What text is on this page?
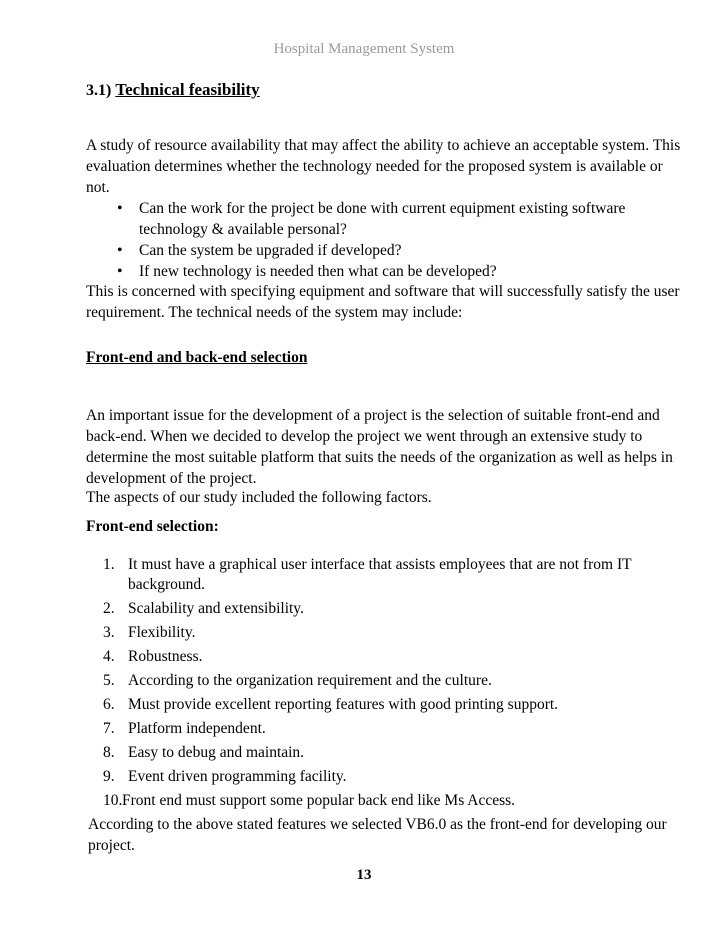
Hospital Management System

3.1) Technical feasibility

A study of resource availability that may affect the ability to achieve an acceptable system. This evaluation determines whether the technology needed for the proposed system is available or not.

• Can the work for the project be done with current equipment existing software technology & available personal?
• Can the system be upgraded if developed?
• If new technology is needed then what can be developed?

This is concerned with specifying equipment and software that will successfully satisfy the user requirement. The technical needs of the system may include:

Front-end and back-end selection

An important issue for the development of a project is the selection of suitable front-end and back-end. When we decided to develop the project we went through an extensive study to determine the most suitable platform that suits the needs of the organization as well as helps in development of the project.

The aspects of our study included the following factors.

Front-end selection:

1. It must have a graphical user interface that assists employees that are not from IT background.
2. Scalability and extensibility.
3. Flexibility.
4. Robustness.
5. According to the organization requirement and the culture.
6. Must provide excellent reporting features with good printing support.
7. Platform independent.
8. Easy to debug and maintain.
9. Event driven programming facility.
10. Front end must support some popular back end like Ms Access.

According to the above stated features we selected VB6.0 as the front-end for developing our project.

13
